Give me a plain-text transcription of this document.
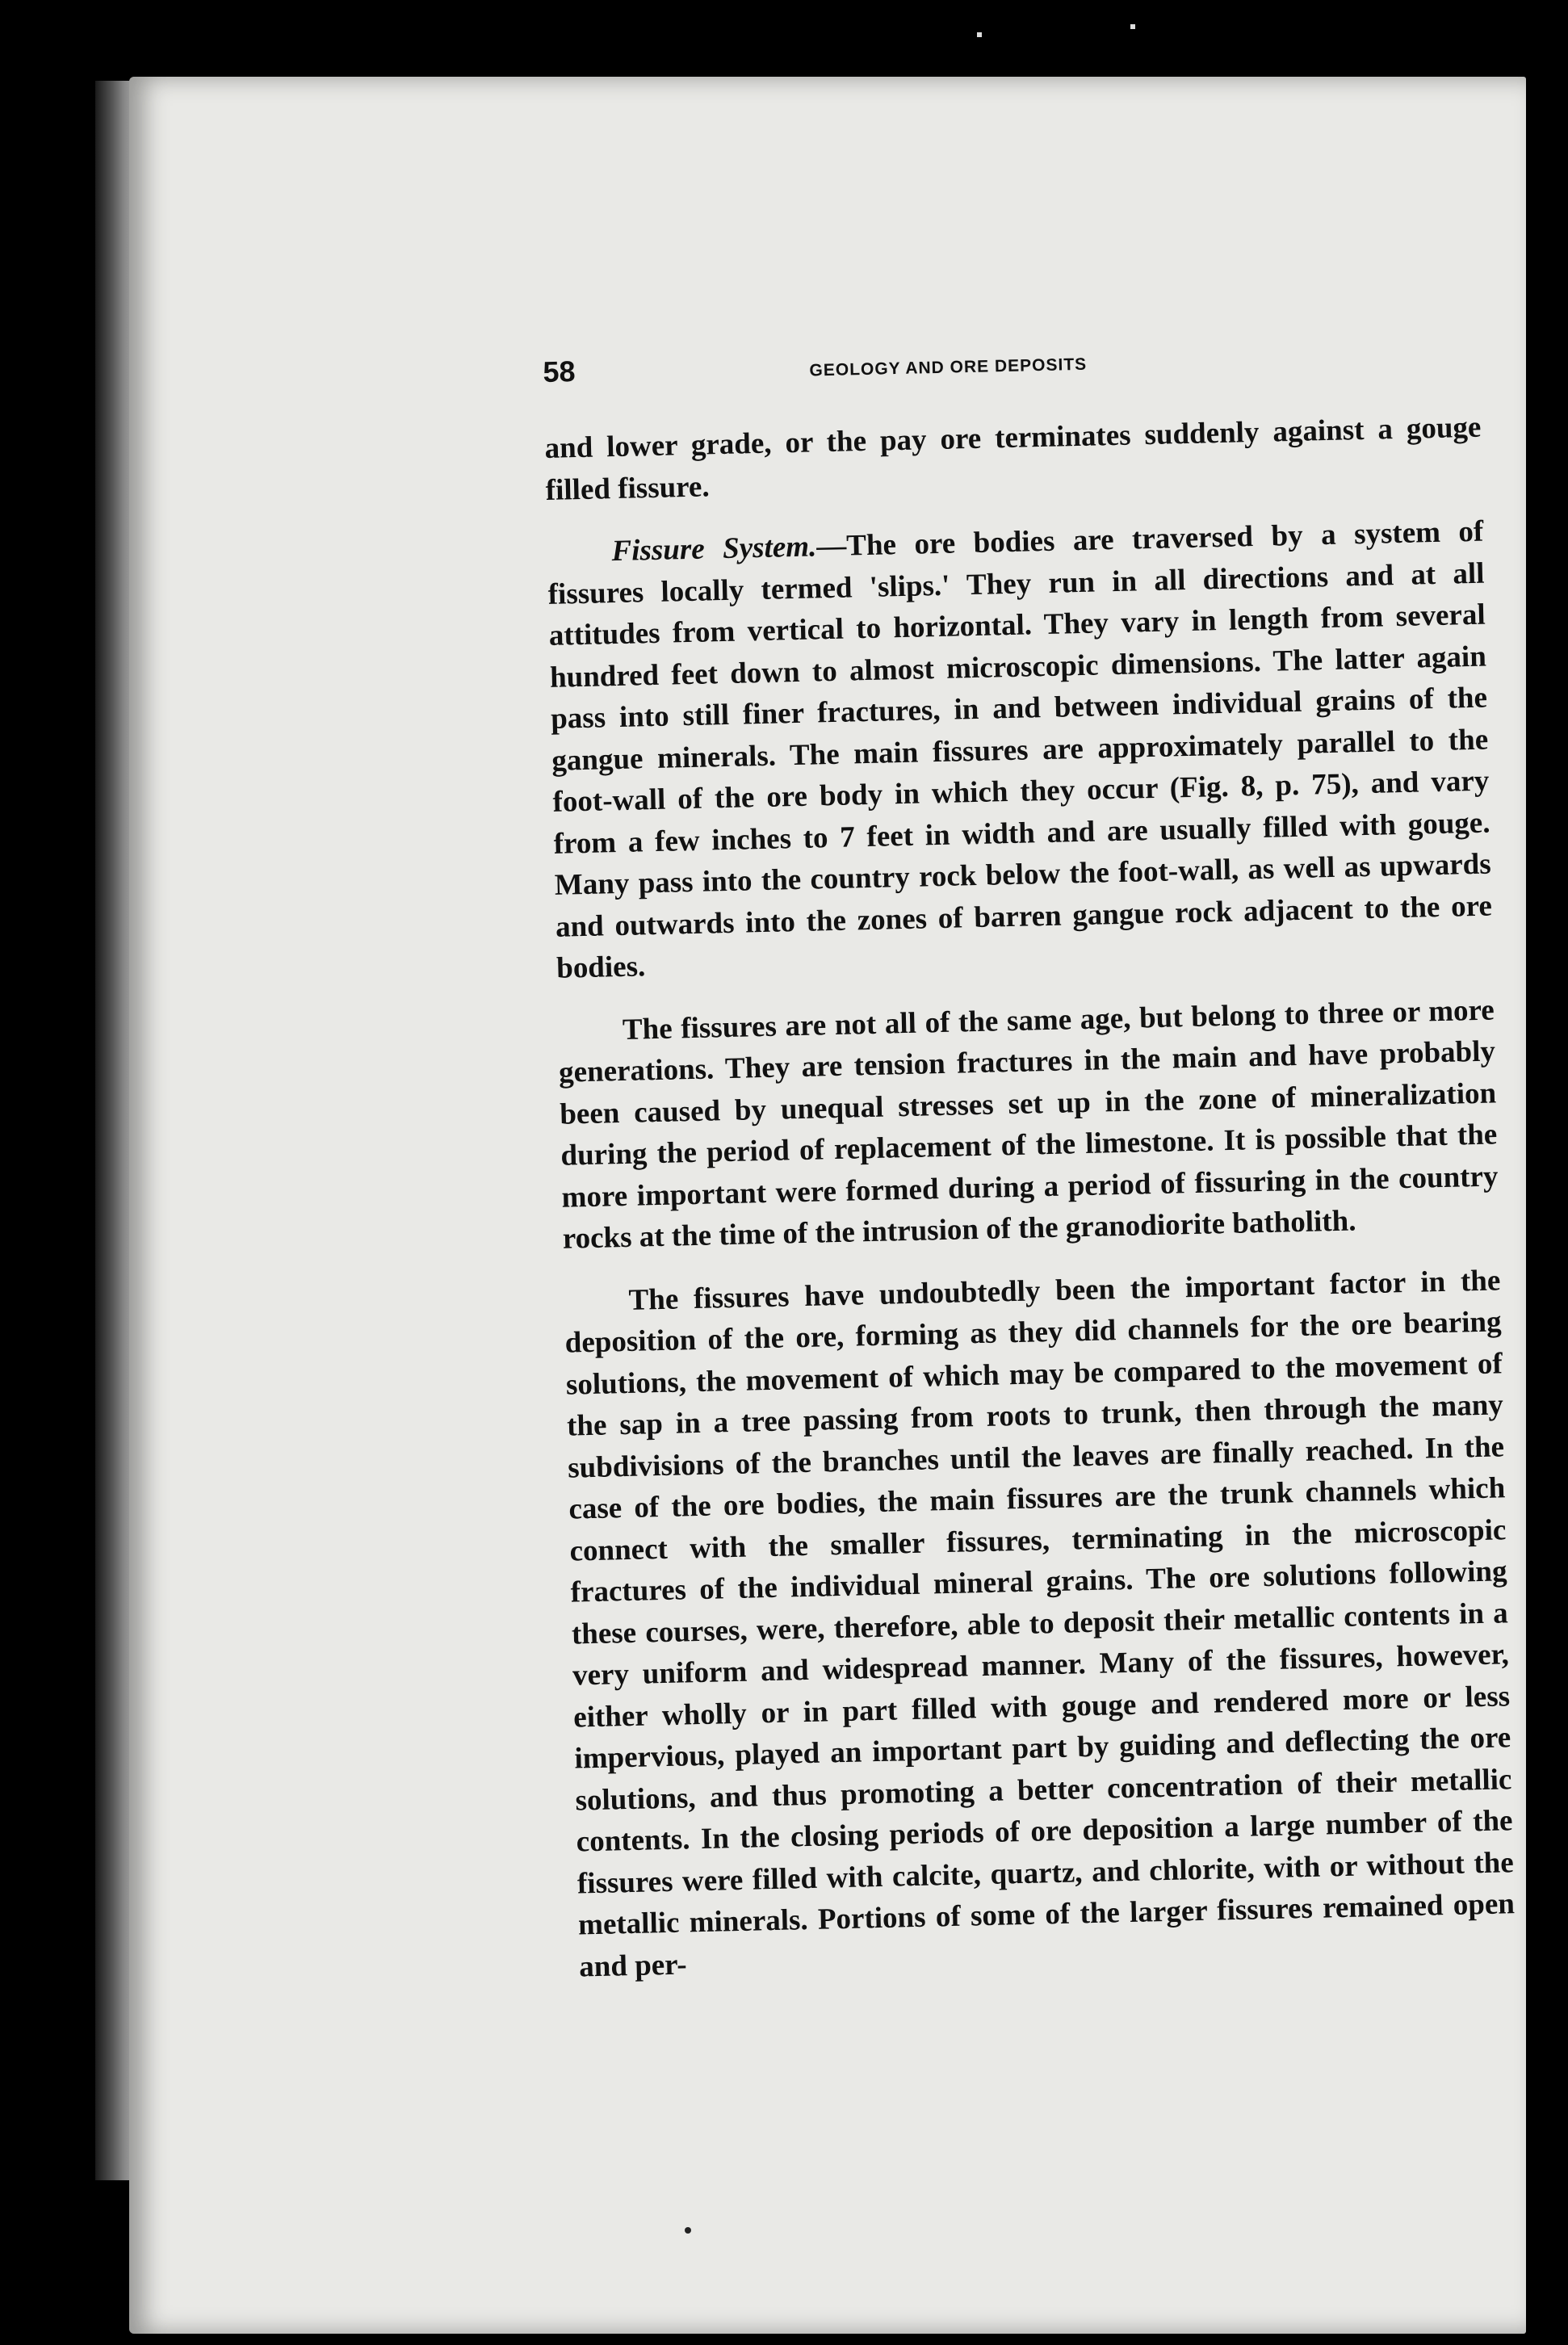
58	GEOLOGY AND ORE DEPOSITS

and lower grade, or the pay ore terminates suddenly against a gouge filled fissure.

Fissure System.—The ore bodies are traversed by a system of fissures locally termed 'slips.' They run in all directions and at all attitudes from vertical to horizontal. They vary in length from several hundred feet down to almost microscopic dimensions. The latter again pass into still finer fractures, in and between individual grains of the gangue minerals. The main fissures are approximately parallel to the foot-wall of the ore body in which they occur (Fig. 8, p. 75), and vary from a few inches to 7 feet in width and are usually filled with gouge. Many pass into the country rock below the foot-wall, as well as upwards and outwards into the zones of barren gangue rock adjacent to the ore bodies.

The fissures are not all of the same age, but belong to three or more generations. They are tension fractures in the main and have probably been caused by unequal stresses set up in the zone of mineralization during the period of replacement of the limestone. It is possible that the more important were formed during a period of fissuring in the country rocks at the time of the intrusion of the granodiorite batholith.

The fissures have undoubtedly been the important factor in the deposition of the ore, forming as they did channels for the ore bearing solutions, the movement of which may be compared to the movement of the sap in a tree passing from roots to trunk, then through the many subdivisions of the branches until the leaves are finally reached. In the case of the ore bodies, the main fissures are the trunk channels which connect with the smaller fissures, terminating in the microscopic fractures of the individual mineral grains. The ore solutions following these courses, were, therefore, able to deposit their metallic contents in a very uniform and widespread manner. Many of the fissures, however, either wholly or in part filled with gouge and rendered more or less impervious, played an important part by guiding and deflecting the ore solutions, and thus promoting a better concentration of their metallic contents. In the closing periods of ore deposition a large number of the fissures were filled with calcite, quartz, and chlorite, with or without the metallic minerals. Portions of some of the larger fissures remained open and per-
